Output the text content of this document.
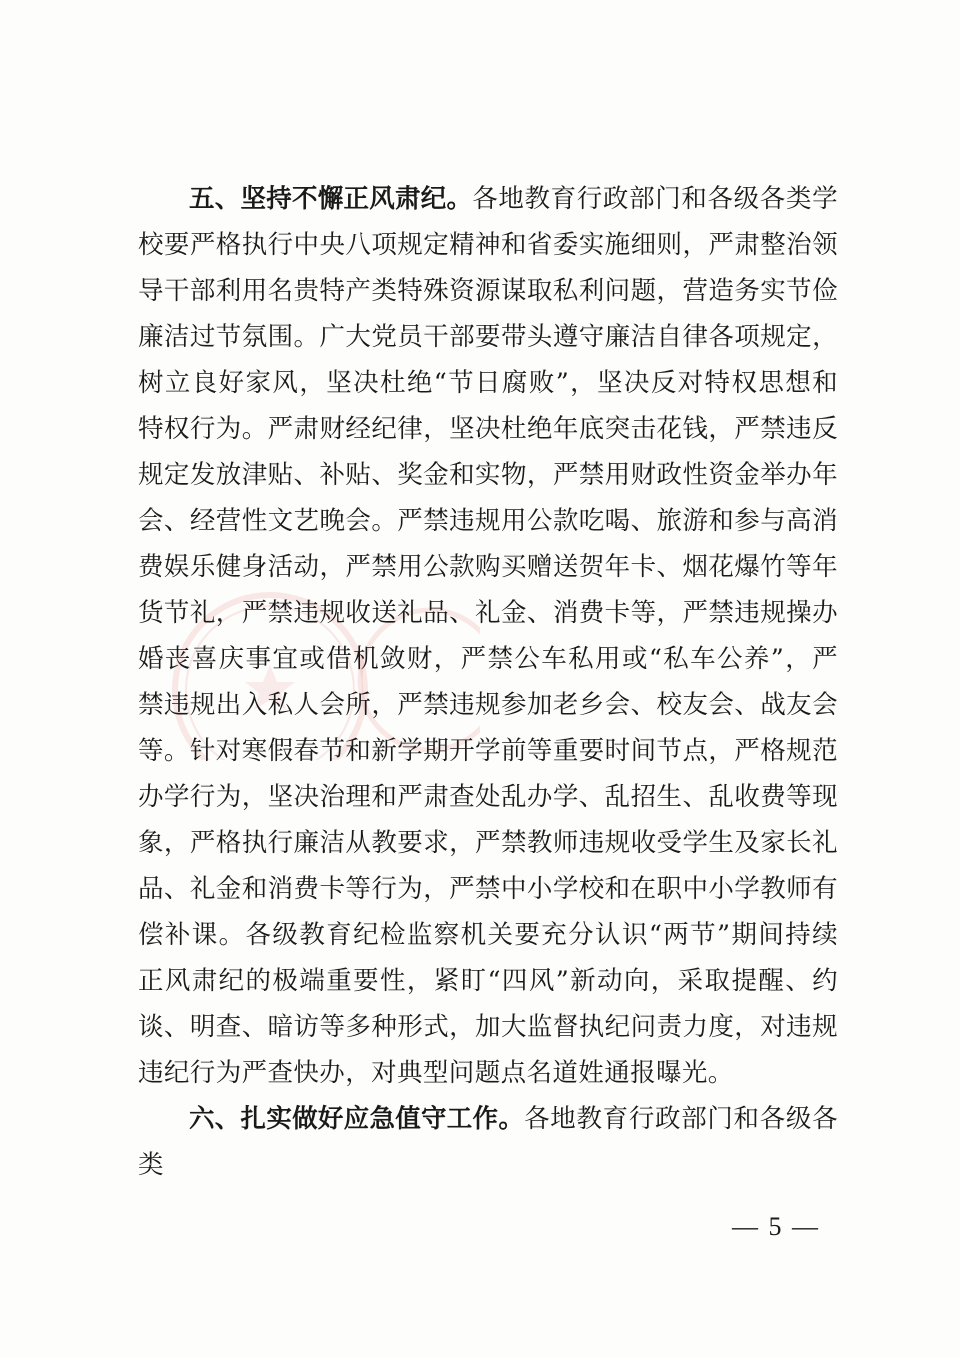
五、坚持不懈正风肃纪。各地教育行政部门和各级各类学校要严格执行中央八项规定精神和省委实施细则，严肃整治领导干部利用名贵特产类特殊资源谋取私利问题，营造务实节俭廉洁过节氛围。广大党员干部要带头遵守廉洁自律各项规定，树立良好家风，坚决杜绝“节日腐败”，坚决反对特权思想和特权行为。严肃财经纪律，坚决杜绝年底突击花钱，严禁违反规定发放津贴、补贴、奖金和实物，严禁用财政性资金举办年会、经营性文艺晚会。严禁违规用公款吃喝、旅游和参与高消费娱乐健身活动，严禁用公款购买赠送贺年卡、烟花爆竹等年货节礼，严禁违规收送礼品、礼金、消费卡等，严禁违规操办婚丧喜庆事宜或借机敛财，严禁公车私用或“私车公养”，严禁违规出入私人会所，严禁违规参加老乡会、校友会、战友会等。针对寒假春节和新学期开学前等重要时间节点，严格规范办学行为，坚决治理和严肃查处乱办学、乱招生、乱收费等现象，严格执行廉洁从教要求，严禁教师违规收受学生及家长礼品、礼金和消费卡等行为，严禁中小学校和在职中小学教师有偿补课。各级教育纪检监察机关要充分认识“两节”期间持续正风肃纪的极端重要性，紧盯“四风”新动向，采取提醒、约谈、明查、暗访等多种形式，加大监督执纪问责力度，对违规违纪行为严查快办，对典型问题点名道姓通报曝光。

六、扎实做好应急值守工作。各地教育行政部门和各级各类

— 5 —
